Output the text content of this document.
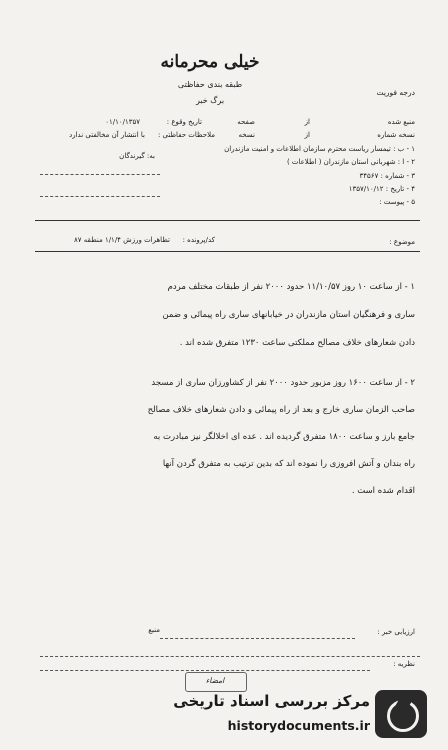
خیلی محرمانه
طبقه بندی حفاظتی
برگ خبر
درجه فوریت
منبع شده
از
صفحه
نسخه شماره
از
نسخه
تاریخ وقوع :
۰۱/۱۰/۱۳۵۷
ملاحظات حفاظتی :
با انتشار آن مخالفتی ندارد
به: گیرندگان
۱ - ب : تیمسار ریاست محترم سازمان اطلاعات و امنیت مازندران
۲ - ا : شهربانی استان مازندران ( اطلاعات )
۳ - شماره : ۳۴۵۶۷
۴ - تاریخ : ۱۳۵۷/۱۰/۱۲
۵ - پیوست :
موضوع :
کد/پرونده :
تظاهرات ورزش ۱/۱/۴ منطقه ۸۷
۱ - از ساعت ۱۰ روز ۱۱/۱۰/۵۷ حدود ۲۰۰۰ نفر از طبقات مختلف مردم
ساری و فرهنگیان استان مازندران در خیابانهای ساری راه پیمائی و ضمن
دادن شعارهای خلاف مصالح مملکتی ساعت ۱۲۳۰ متفرق شده اند .
۲ - از ساعت ۱۶۰۰ روز مزبور حدود ۲۰۰۰ نفر از کشاورزان ساری از مسجد
صاحب الزمان ساری خارج و بعد از راه پیمائی و دادن شعارهای خلاف مصالح
جامع بارز و ساعت ۱۸۰۰ متفرق گردیده اند . عده ای اخلالگر نیز مبادرت به
راه بندان و آتش افروزی را نموده اند که بدین ترتیب به متفرق گردن آنها
اقدام شده است .
ارزیابی خبر :
منبع
نظریه :
امضاء
مرکز بررسی اسناد تاریخی
historydocuments.ir
